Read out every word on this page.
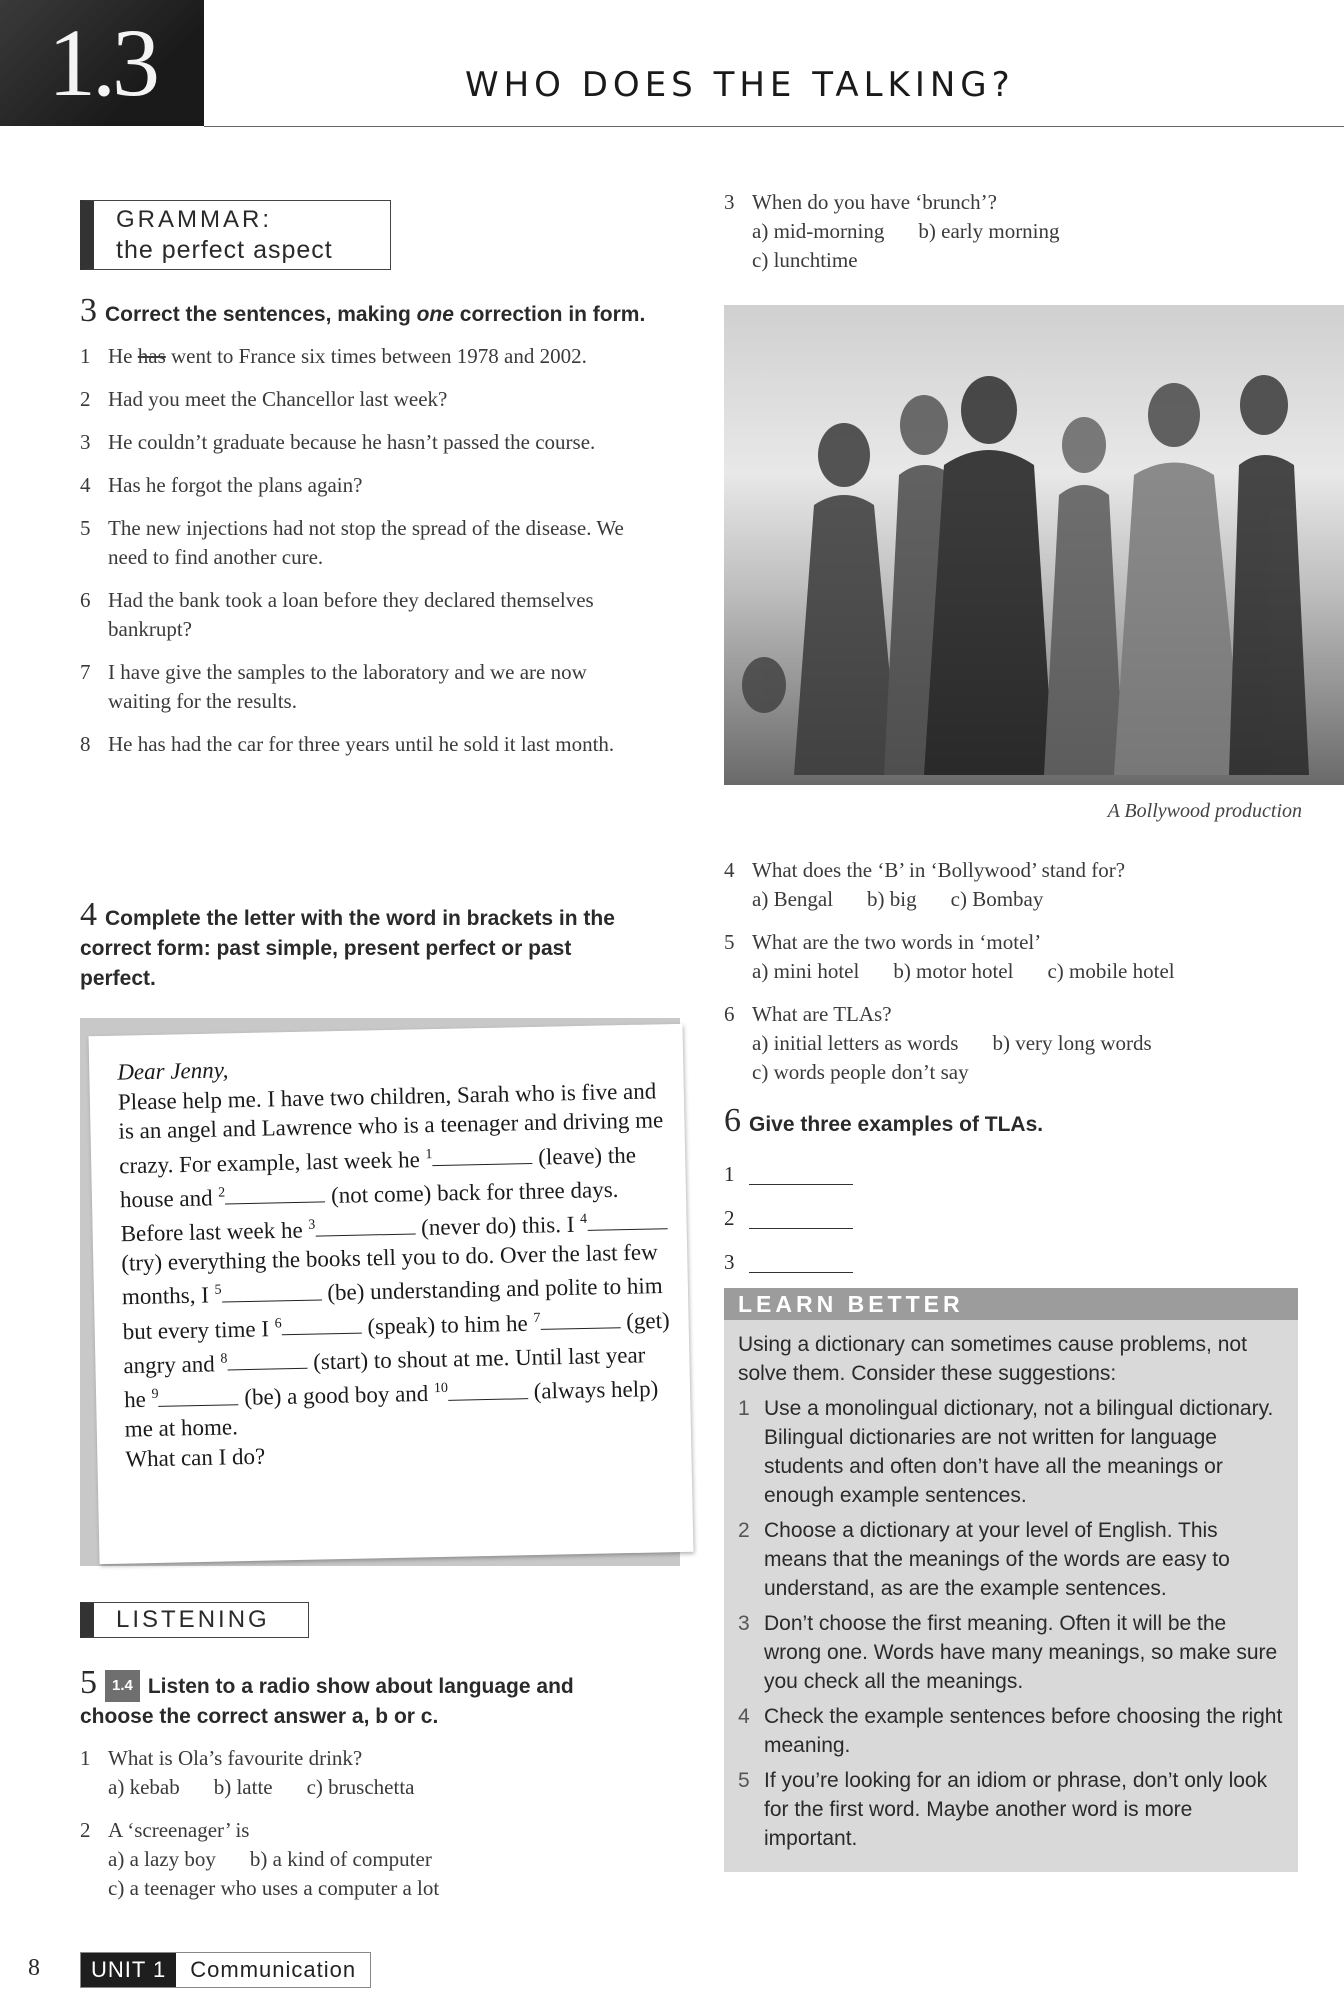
1.3	WHO DOES THE TALKING?
GRAMMAR:
the perfect aspect
3 Correct the sentences, making one correction in form.
1 He has went to France six times between 1978 and 2002.
2 Had you meet the Chancellor last week?
3 He couldn’t graduate because he hasn’t passed the course.
4 Has he forgot the plans again?
5 The new injections had not stop the spread of the disease. We need to find another cure.
6 Had the bank took a loan before they declared themselves bankrupt?
7 I have give the samples to the laboratory and we are now waiting for the results.
8 He has had the car for three years until he sold it last month.
4 Complete the letter with the word in brackets in the correct form: past simple, present perfect or past perfect.
Dear Jenny,
Please help me. I have two children, Sarah who is five and is an angel and Lawrence who is a teenager and driving me crazy. For example, last week he $^1$	(leave) the house and $^2$	(not come) back for three days. Before last week he $^3$	(never do) this. I $^4$ (try) everything the books tell you to do. Over the last few months, I $^5$	(be) understanding and polite to him but every time I $^6$	(speak) to him he $^7$	(get) angry and $^8$	(start) to shout at me. Until last year he $^9$	(be) a good boy and $^{10}$	(always help) me at home.
What can I do?
LISTENING
5 1.4 Listen to a radio show about language and choose the correct answer a, b or c.
1 What is Ola’s favourite drink?
a) kebab b) latte c) bruschetta
2 A ‘screenager’ is
a) a lazy boy b) a kind of computer
c) a teenager who uses a computer a lot
3 When do you have ‘brunch’?
a) mid-morning b) early morning
c) lunchtime
A Bollywood production
4 What does the ‘B’ in ‘Bollywood’ stand for?
a) Bengal b) big c) Bombay
5 What are the two words in ‘motel’
a) mini hotel b) motor hotel c) mobile hotel
6 What are TLAs?
a) initial letters as words b) very long words
c) words people don’t say
6 Give three examples of TLAs.
1
2
3
LEARN BETTER
Using a dictionary can sometimes cause problems, not solve them. Consider these suggestions:
1 Use a monolingual dictionary, not a bilingual dictionary. Bilingual dictionaries are not written for language students and often don’t have all the meanings or enough example sentences.
2 Choose a dictionary at your level of English. This means that the meanings of the words are easy to understand, as are the example sentences.
3 Don’t choose the first meaning. Often it will be the wrong one. Words have many meanings, so make sure you check all the meanings.
4 Check the example sentences before choosing the right meaning.
5 If you’re looking for an idiom or phrase, don’t only look for the first word. Maybe another word is more important.
8	UNIT 1	Communication
